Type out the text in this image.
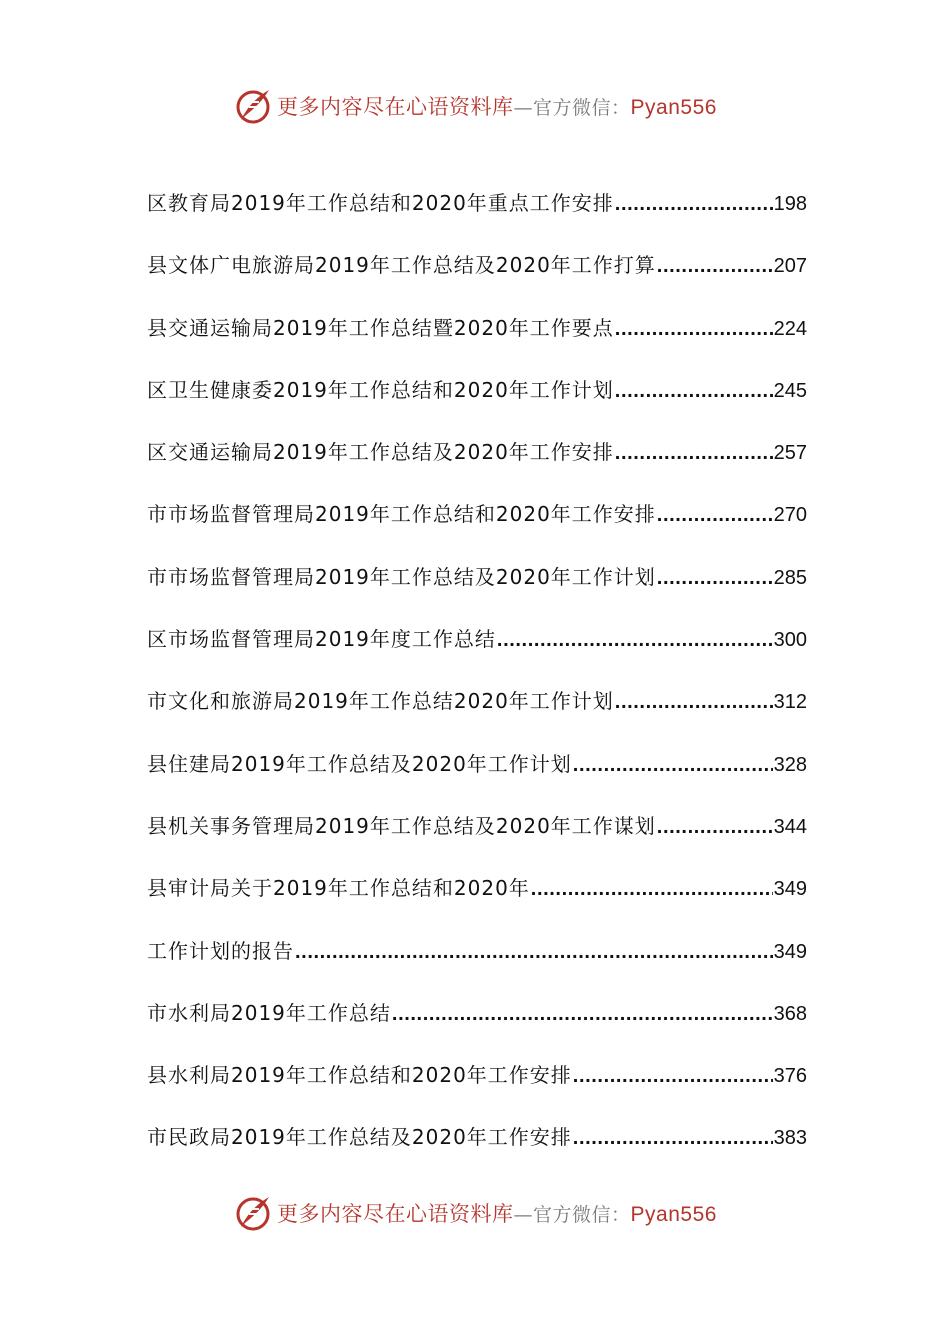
更多内容尽在心语资料库—官方微信：Pyan556
区教育局2019年工作总结和2020年重点工作安排 .....	198
县文体广电旅游局2019年工作总结及2020年工作打算 .....	207
县交通运输局2019年工作总结暨2020年工作要点 .....	224
区卫生健康委2019年工作总结和2020年工作计划 .....	245
区交通运输局2019年工作总结及2020年工作安排 .....	257
市市场监督管理局2019年工作总结和2020年工作安排 .....	270
市市场监督管理局2019年工作总结及2020年工作计划 .....	285
区市场监督管理局2019年度工作总结 .....	300
市文化和旅游局2019年工作总结2020年工作计划 .....	312
县住建局2019年工作总结及2020年工作计划 .....	328
县机关事务管理局2019年工作总结及2020年工作谋划 .....	344
县审计局关于2019年工作总结和2020年 .....	349
工作计划的报告 .....	349
市水利局2019年工作总结 .....	368
县水利局2019年工作总结和2020年工作安排 .....	376
市民政局2019年工作总结及2020年工作安排 .....	383
更多内容尽在心语资料库—官方微信：Pyan556
